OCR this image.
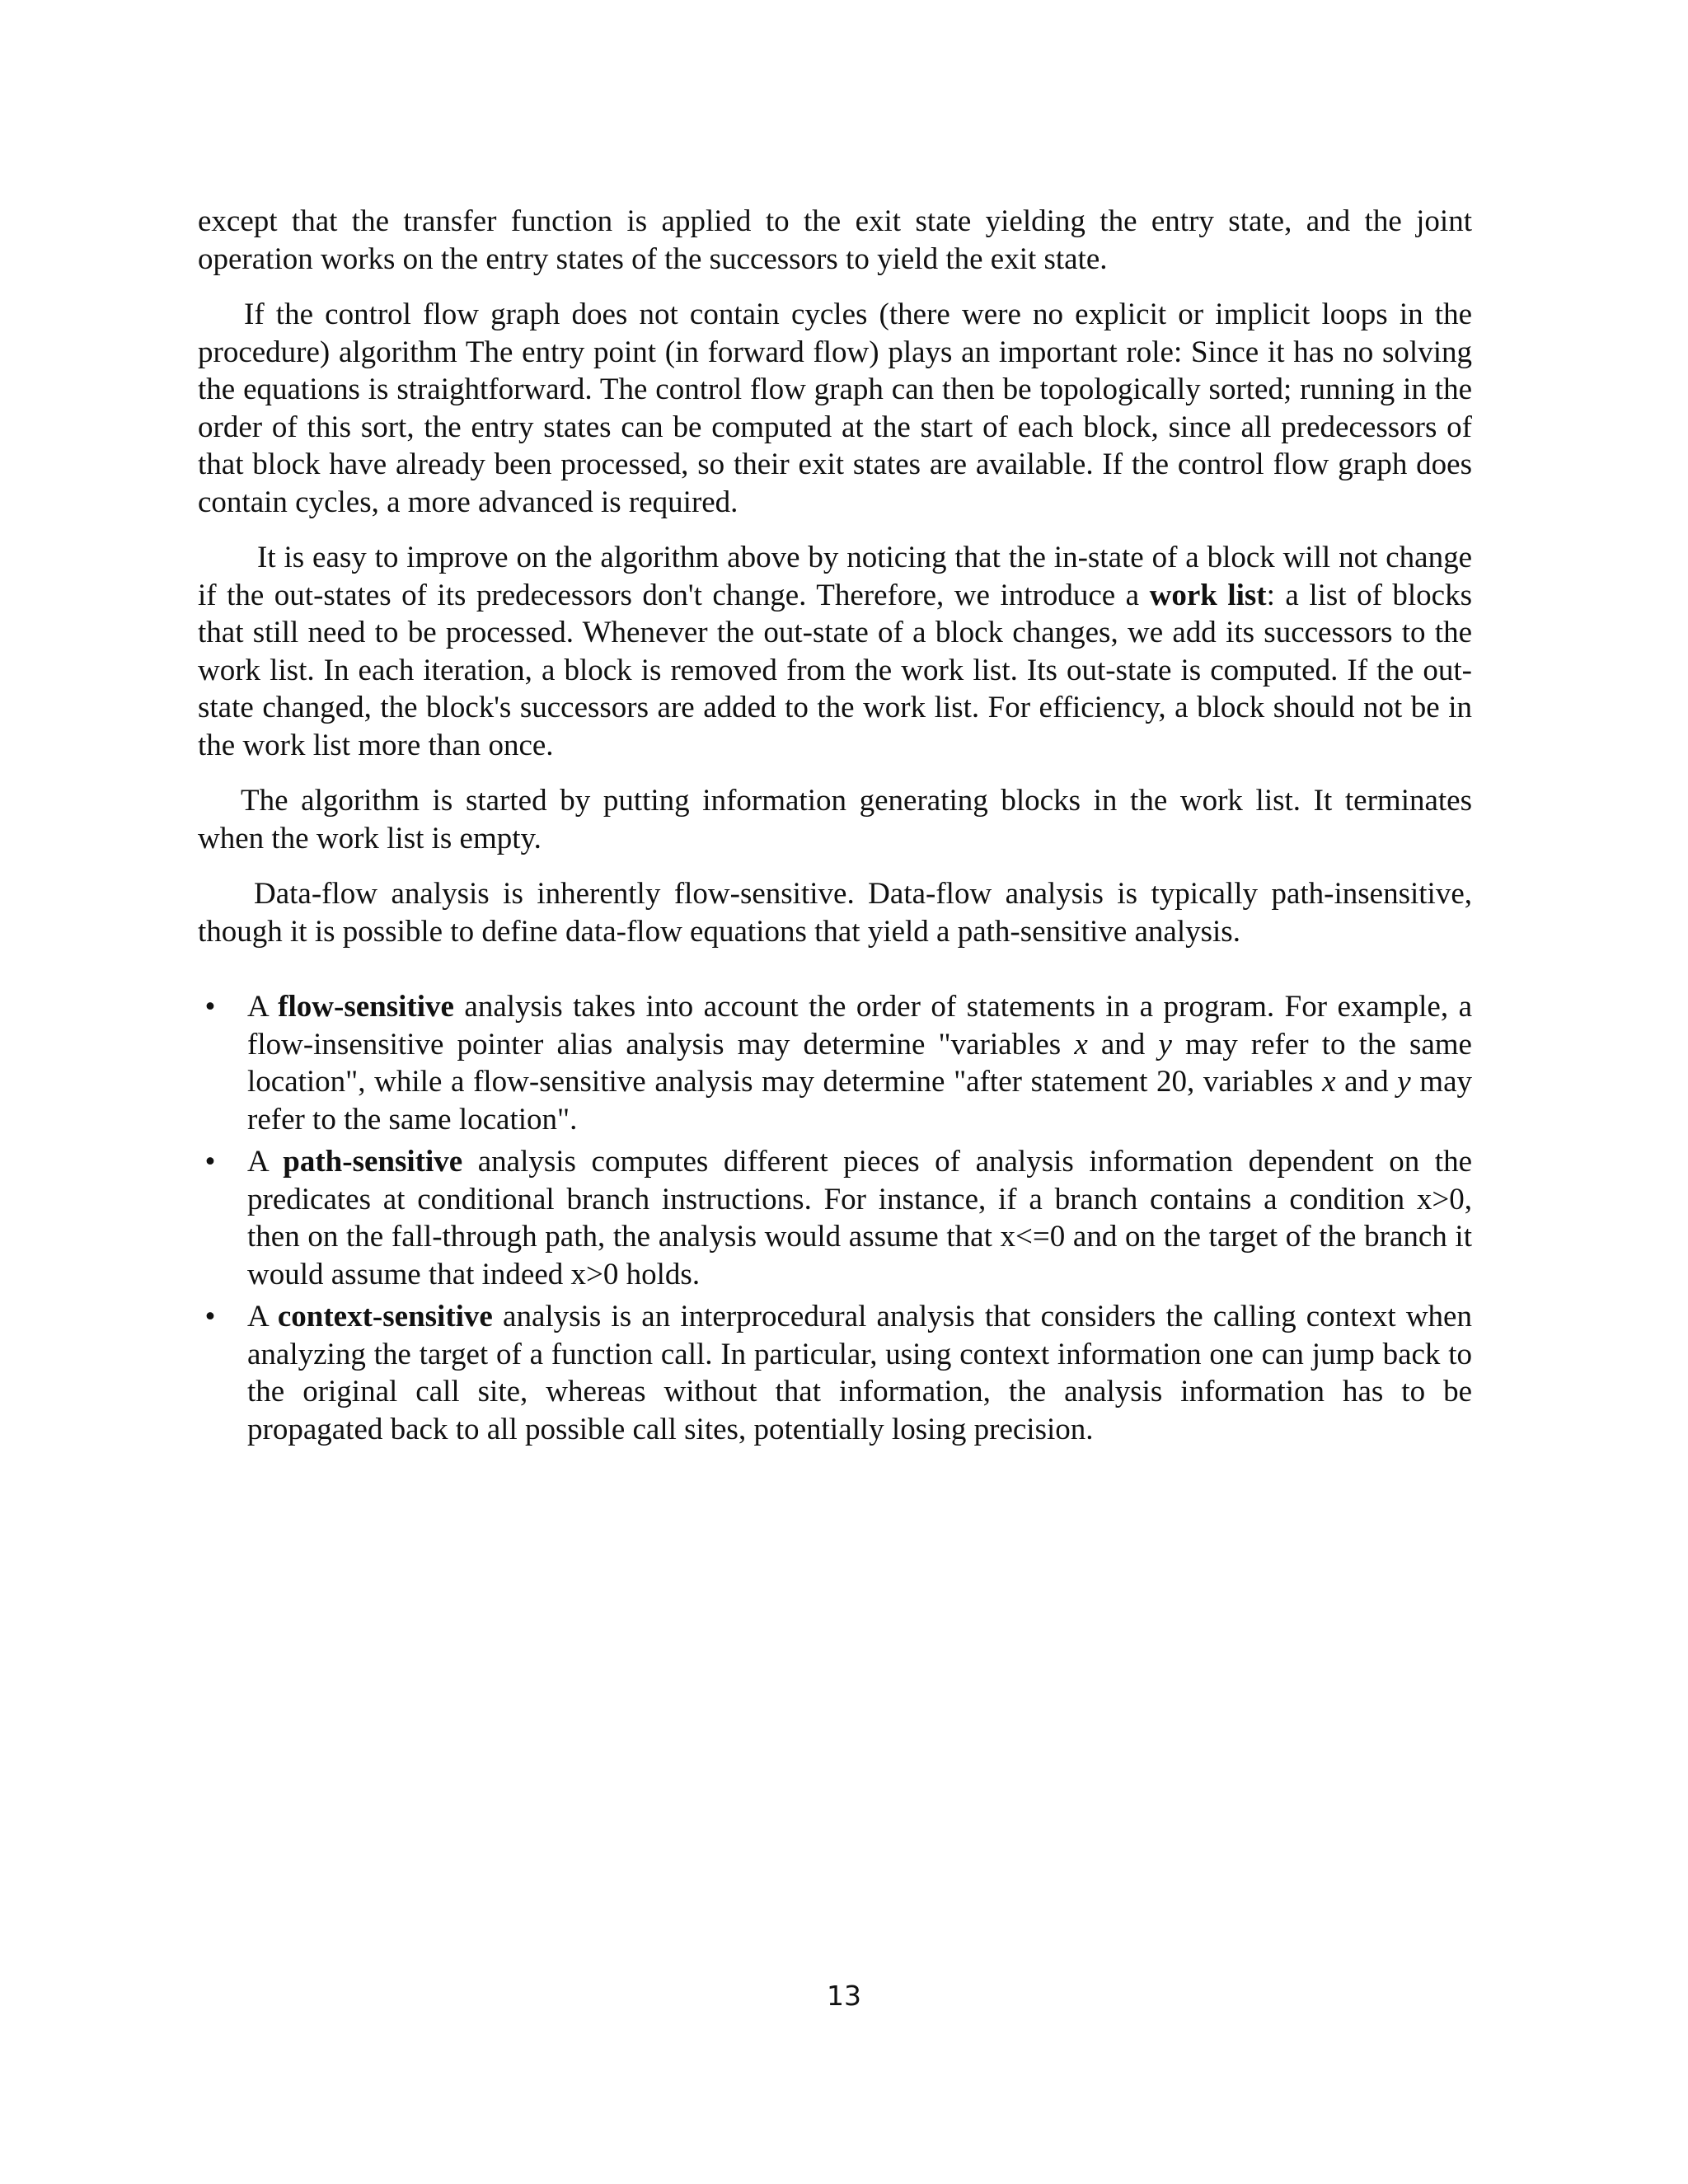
except that the transfer function is applied to the exit state yielding the entry state, and the joint operation works on the entry states of the successors to yield the exit state.

If the control flow graph does not contain cycles (there were no explicit or implicit loops in the procedure) algorithm The entry point (in forward flow) plays an important role: Since it has no solving the equations is straightforward. The control flow graph can then be topologically sorted; running in the order of this sort, the entry states can be computed at the start of each block, since all predecessors of that block have already been processed, so their exit states are available. If the control flow graph does contain cycles, a more advanced is required.

It is easy to improve on the algorithm above by noticing that the in-state of a block will not change if the out-states of its predecessors don't change. Therefore, we introduce a work list: a list of blocks that still need to be processed. Whenever the out-state of a block changes, we add its successors to the work list. In each iteration, a block is removed from the work list. Its out-state is computed. If the out-state changed, the block's successors are added to the work list. For efficiency, a block should not be in the work list more than once.

The algorithm is started by putting information generating blocks in the work list. It terminates when the work list is empty.

Data-flow analysis is inherently flow-sensitive. Data-flow analysis is typically path-insensitive, though it is possible to define data-flow equations that yield a path-sensitive analysis.

• A flow-sensitive analysis takes into account the order of statements in a program. For example, a flow-insensitive pointer alias analysis may determine "variables x and y may refer to the same location", while a flow-sensitive analysis may determine "after statement 20, variables x and y may refer to the same location".
• A path-sensitive analysis computes different pieces of analysis information dependent on the predicates at conditional branch instructions. For instance, if a branch contains a condition x>0, then on the fall-through path, the analysis would assume that x<=0 and on the target of the branch it would assume that indeed x>0 holds.
• A context-sensitive analysis is an interprocedural analysis that considers the calling context when analyzing the target of a function call. In particular, using context information one can jump back to the original call site, whereas without that information, the analysis information has to be propagated back to all possible call sites, potentially losing precision.
13
